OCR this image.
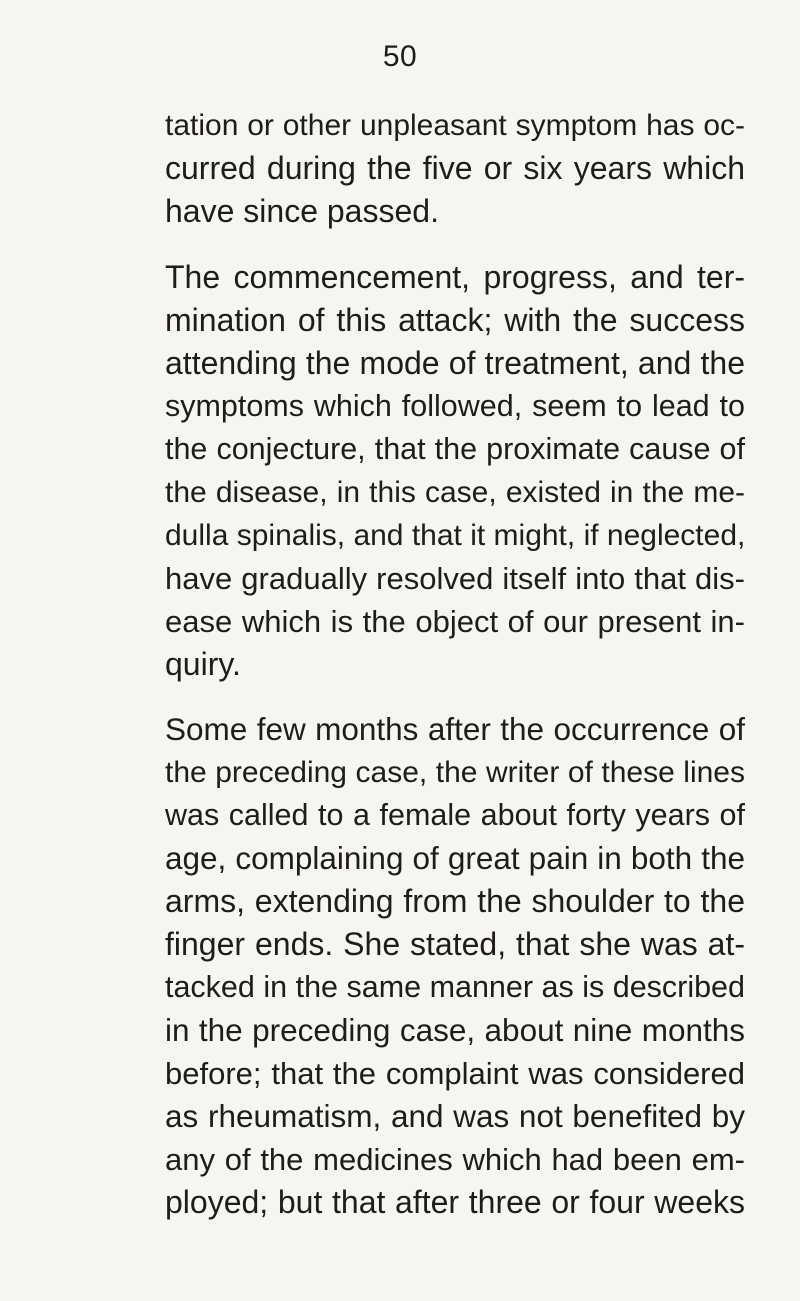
50
tation or other unpleasant symptom has oc-
curred during the five or six years which
have since passed.
The commencement, progress, and ter-
mination of this attack; with the success
attending the mode of treatment, and the
symptoms which followed, seem to lead to
the conjecture, that the proximate cause of
the disease, in this case, existed in the me-
dulla spinalis, and that it might, if neglected,
have gradually resolved itself into that dis-
ease which is the object of our present in-
quiry.
Some few months after the occurrence of
the preceding case, the writer of these lines
was called to a female about forty years of
age, complaining of great pain in both the
arms, extending from the shoulder to the
finger ends. She stated, that she was at-
tacked in the same manner as is described
in the preceding case, about nine months
before; that the complaint was considered
as rheumatism, and was not benefited by
any of the medicines which had been em-
ployed; but that after three or four weeks
